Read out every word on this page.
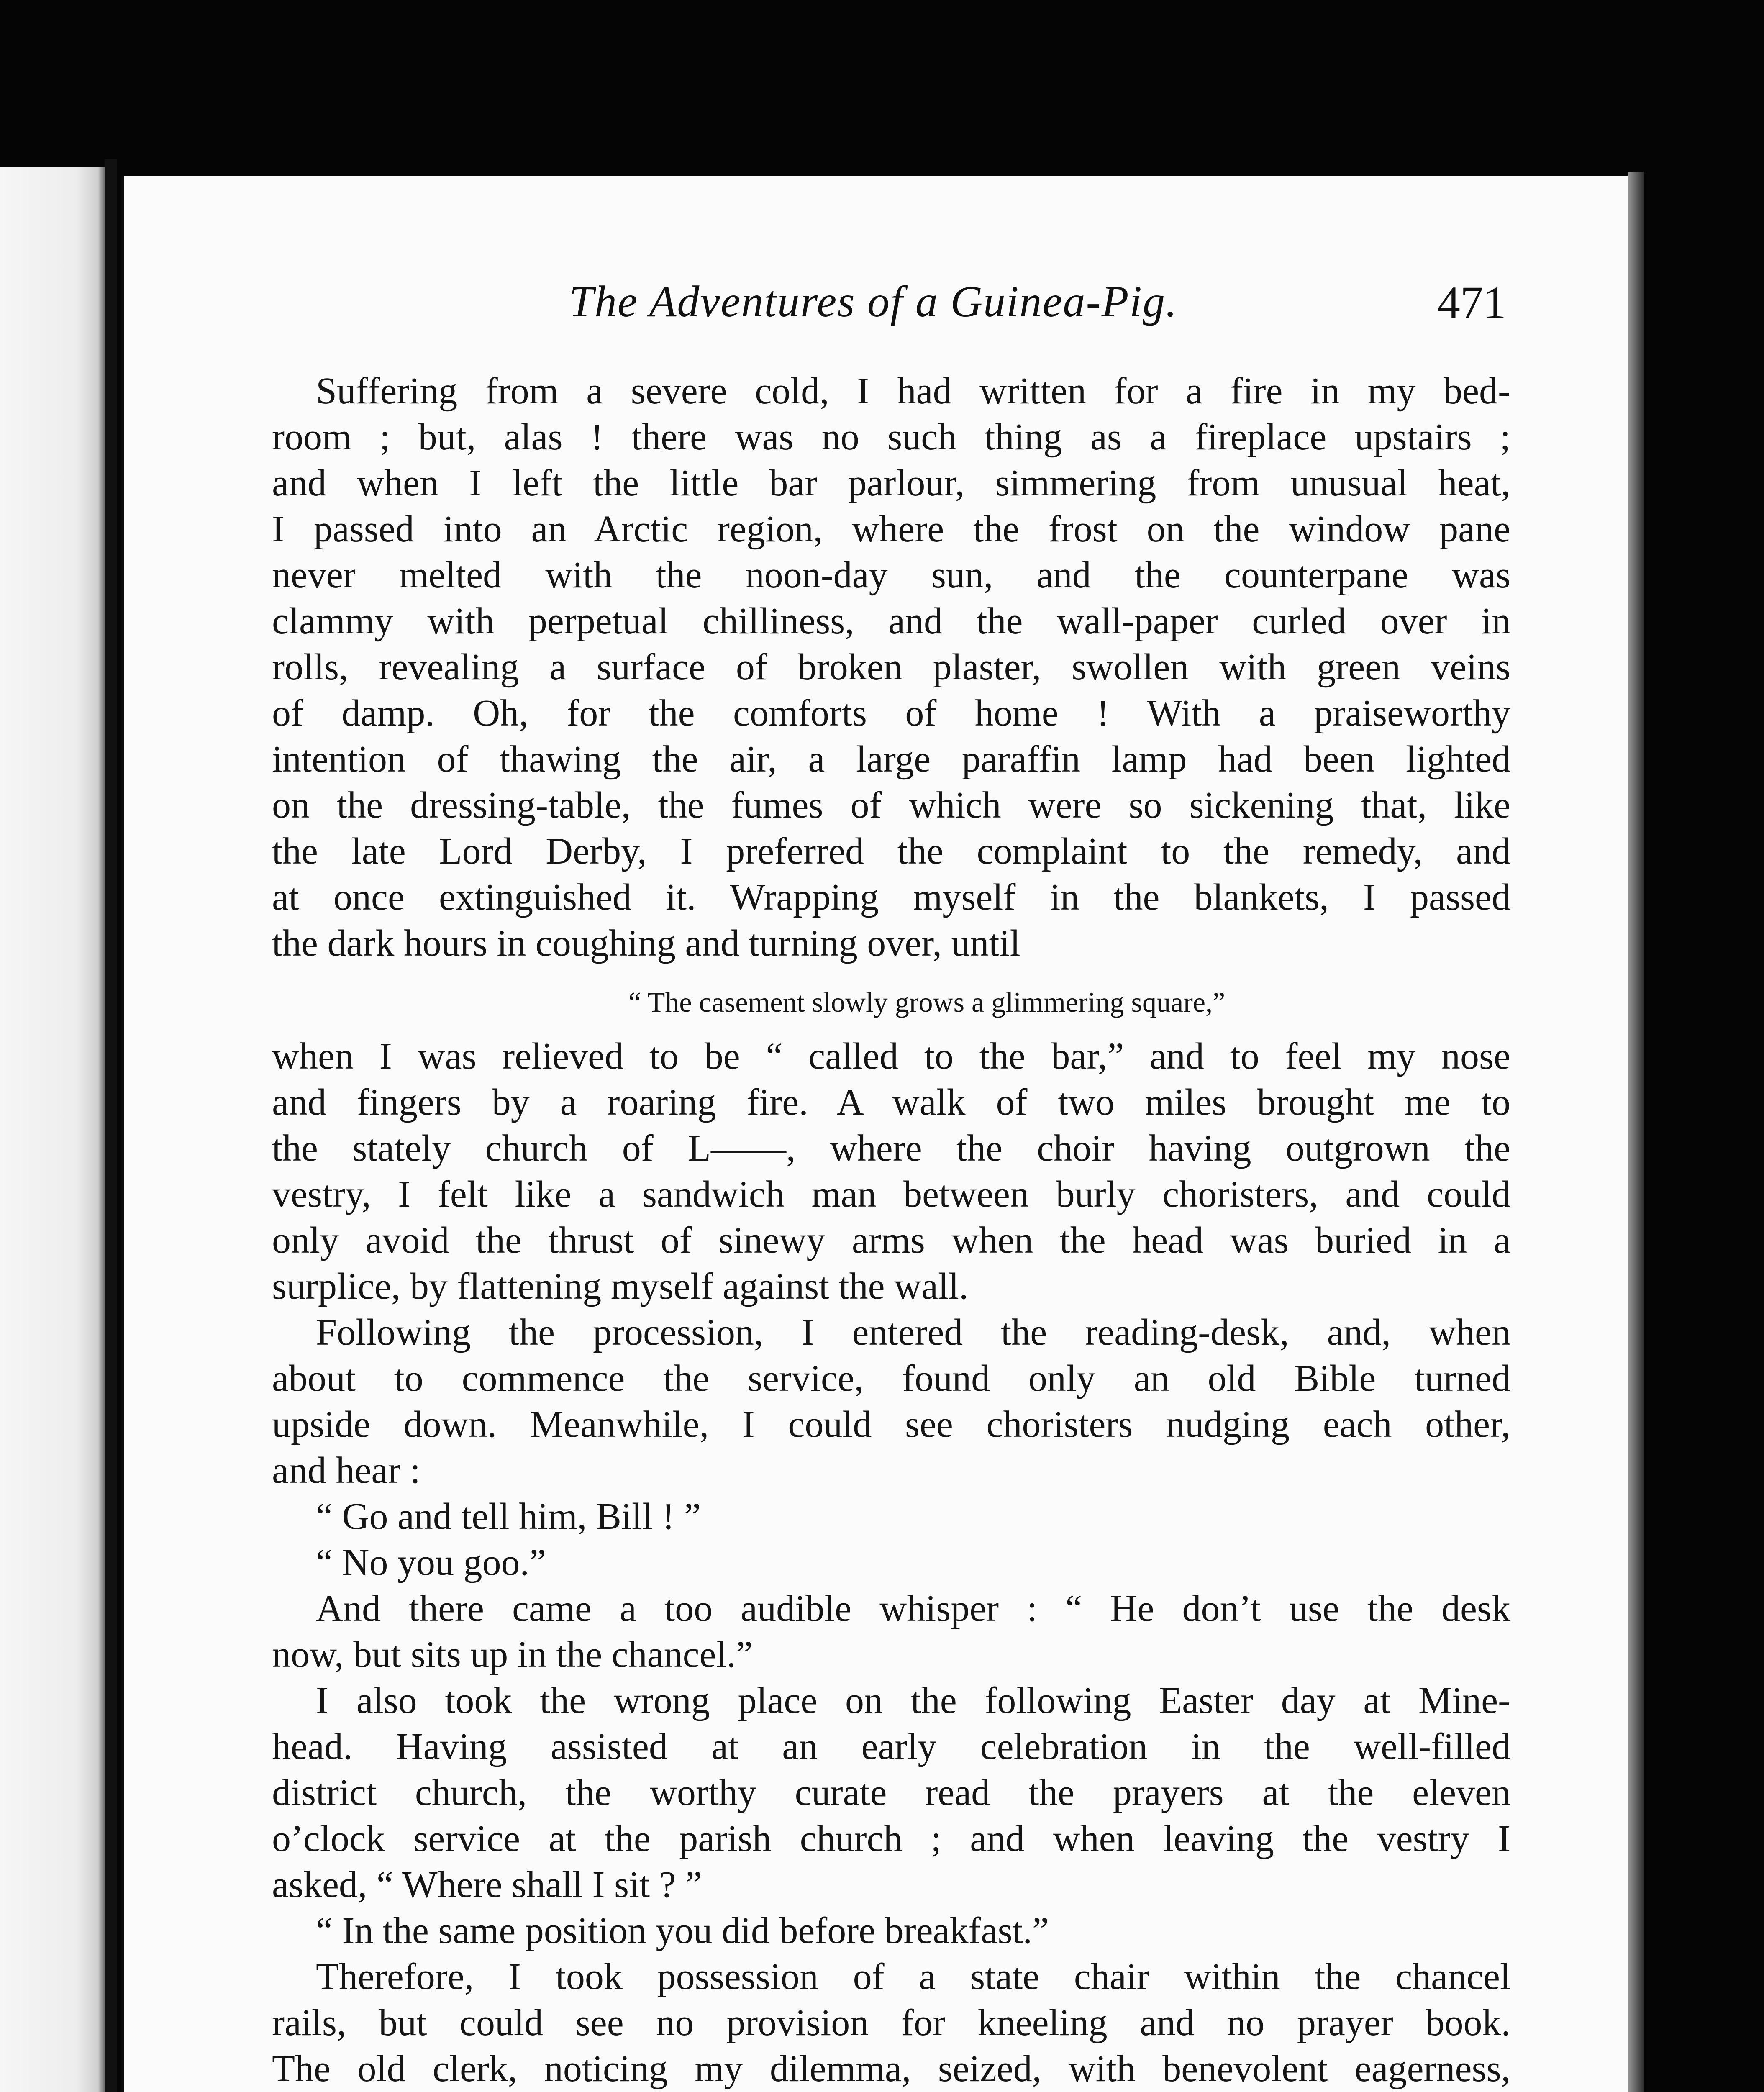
The Adventures of a Guinea-Pig.	471
Suffering from a severe cold, I had written for a fire in my bed-
room ; but, alas ! there was no such thing as a fireplace upstairs ;
and when I left the little bar parlour, simmering from unusual heat,
I passed into an Arctic region, where the frost on the window pane
never melted with the noon-day sun, and the counterpane was
clammy with perpetual chilliness, and the wall-paper curled over in
rolls, revealing a surface of broken plaster, swollen with green veins
of damp. Oh, for the comforts of home ! With a praiseworthy
intention of thawing the air, a large paraffin lamp had been lighted
on the dressing-table, the fumes of which were so sickening that, like
the late Lord Derby, I preferred the complaint to the remedy, and
at once extinguished it. Wrapping myself in the blankets, I passed
the dark hours in coughing and turning over, until
“ The casement slowly grows a glimmering square,”
when I was relieved to be “ called to the bar,” and to feel my nose
and fingers by a roaring fire. A walk of two miles brought me to
the stately church of L——, where the choir having outgrown the
vestry, I felt like a sandwich man between burly choristers, and could
only avoid the thrust of sinewy arms when the head was buried in a
surplice, by flattening myself against the wall.
Following the procession, I entered the reading-desk, and, when
about to commence the service, found only an old Bible turned
upside down. Meanwhile, I could see choristers nudging each other,
and hear :
“ Go and tell him, Bill ! ”
“ No you goo.”
And there came a too audible whisper : “ He don’t use the desk
now, but sits up in the chancel.”
I also took the wrong place on the following Easter day at Mine-
head. Having assisted at an early celebration in the well-filled
district church, the worthy curate read the prayers at the eleven
o’clock service at the parish church ; and when leaving the vestry I
asked, “ Where shall I sit ? ”
“ In the same position you did before breakfast.”
Therefore, I took possession of a state chair within the chancel
rails, but could see no provision for kneeling and no prayer book.
The old clerk, noticing my dilemma, seized, with benevolent eagerness,
